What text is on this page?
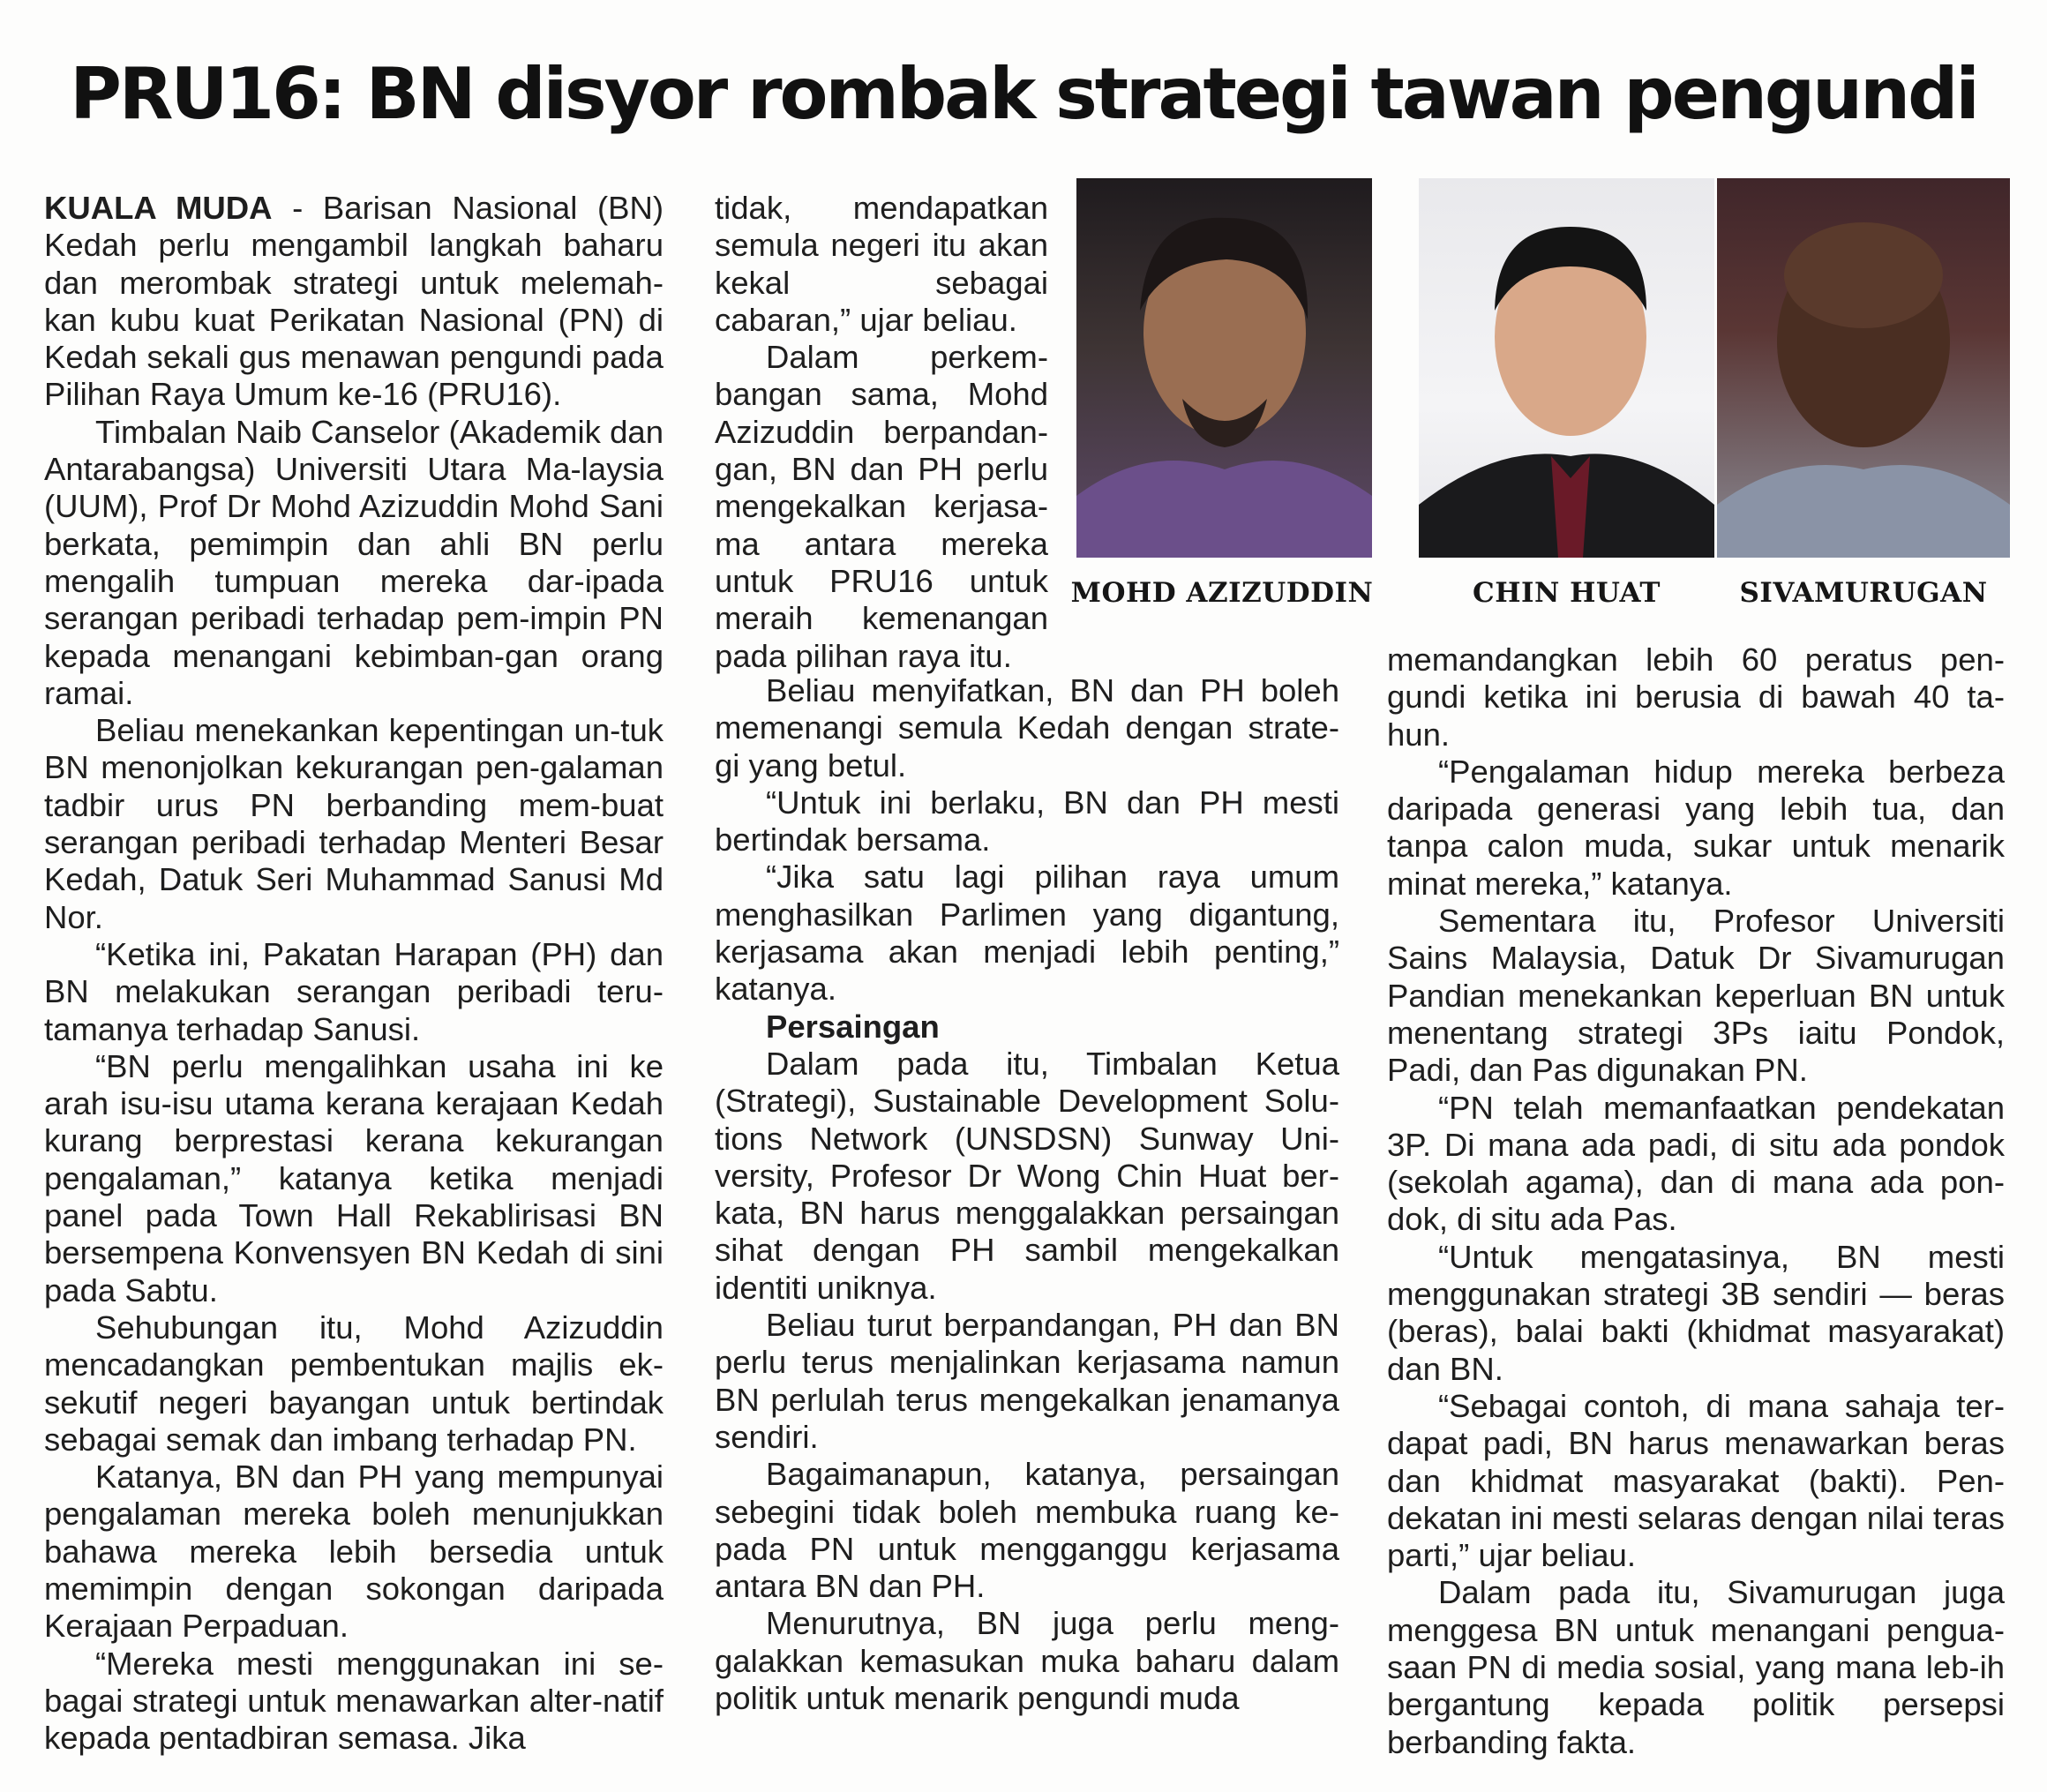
PRU16: BN disyor rombak strategi tawan pengundi

KUALA MUDA - Barisan Nasional (BN) Kedah perlu mengambil langkah baharu dan merombak strategi untuk melemah-kan kubu kuat Perikatan Nasional (PN) di Kedah sekali gus menawan pengundi pada Pilihan Raya Umum ke-16 (PRU16).

Timbalan Naib Canselor (Akademik dan Antarabangsa) Universiti Utara Ma-laysia (UUM), Prof Dr Mohd Azizuddin Mohd Sani berkata, pemimpin dan ahli BN perlu mengalih tumpuan mereka dar-ipada serangan peribadi terhadap pem-impin PN kepada menangani kebimban-gan orang ramai.

Beliau menekankan kepentingan un-tuk BN menonjolkan kekurangan pen-galaman tadbir urus PN berbanding mem-buat serangan peribadi terhadap Menteri Besar Kedah, Datuk Seri Muhammad Sanusi Md Nor.

“Ketika ini, Pakatan Harapan (PH) dan BN melakukan serangan peribadi teru-tamanya terhadap Sanusi.

“BN perlu mengalihkan usaha ini ke arah isu-isu utama kerana kerajaan Kedah kurang berprestasi kerana kekurangan pengalaman,” katanya ketika menjadi panel pada Town Hall Rekablirisasi BN bersempena Konvensyen BN Kedah di sini pada Sabtu.

Sehubungan itu, Mohd Azizuddin mencadangkan pembentukan majlis ek-sekutif negeri bayangan untuk bertindak sebagai semak dan imbang terhadap PN.

Katanya, BN dan PH yang mempunyai pengalaman mereka boleh menunjukkan bahawa mereka lebih bersedia untuk memimpin dengan sokongan daripada Kerajaan Perpaduan.

“Mereka mesti menggunakan ini se-bagai strategi untuk menawarkan alter-natif kepada pentadbiran semasa. Jika

tidak, mendapatkan semula negeri itu akan kekal sebagai cabaran,” ujar beliau.

Dalam perkem-bangan sama, Mohd Azizuddin berpandan-gan, BN dan PH perlu mengekalkan kerjasa-ma antara mereka untuk PRU16 untuk meraih kemenangan pada pilihan raya itu.

Beliau menyifatkan, BN dan PH boleh memenangi semula Kedah dengan strate-gi yang betul.

“Untuk ini berlaku, BN dan PH mesti bertindak bersama.

“Jika satu lagi pilihan raya umum menghasilkan Parlimen yang digantung, kerjasama akan menjadi lebih penting,” katanya.

Persaingan

Dalam pada itu, Timbalan Ketua (Strategi), Sustainable Development Solu-tions Network (UNSDSN) Sunway Uni-versity, Profesor Dr Wong Chin Huat ber-kata, BN harus menggalakkan persaingan sihat dengan PH sambil mengekalkan identiti uniknya.

Beliau turut berpandangan, PH dan BN perlu terus menjalinkan kerjasama namun BN perlulah terus mengekalkan jenamanya sendiri.

Bagaimanapun, katanya, persaingan sebegini tidak boleh membuka ruang ke-pada PN untuk mengganggu kerjasama antara BN dan PH.

Menurutnya, BN juga perlu meng-galakkan kemasukan muka baharu dalam politik untuk menarik pengundi muda

MOHD AZIZUDDIN	CHIN HUAT	SIVAMURUGAN

memandangkan lebih 60 peratus pen-gundi ketika ini berusia di bawah 40 ta-hun.

“Pengalaman hidup mereka berbeza daripada generasi yang lebih tua, dan tanpa calon muda, sukar untuk menarik minat mereka,” katanya.

Sementara itu, Profesor Universiti Sains Malaysia, Datuk Dr Sivamurugan Pandian menekankan keperluan BN untuk menentang strategi 3Ps iaitu Pondok, Padi, dan Pas digunakan PN.

“PN telah memanfaatkan pendekatan 3P. Di mana ada padi, di situ ada pondok (sekolah agama), dan di mana ada pon-dok, di situ ada Pas.

“Untuk mengatasinya, BN mesti menggunakan strategi 3B sendiri — beras (beras), balai bakti (khidmat masyarakat) dan BN.

“Sebagai contoh, di mana sahaja ter-dapat padi, BN harus menawarkan beras dan khidmat masyarakat (bakti). Pen-dekatan ini mesti selaras dengan nilai teras parti,” ujar beliau.

Dalam pada itu, Sivamurugan juga menggesa BN untuk menangani pengua-saan PN di media sosial, yang mana leb-ih bergantung kepada politik persepsi berbanding fakta.
